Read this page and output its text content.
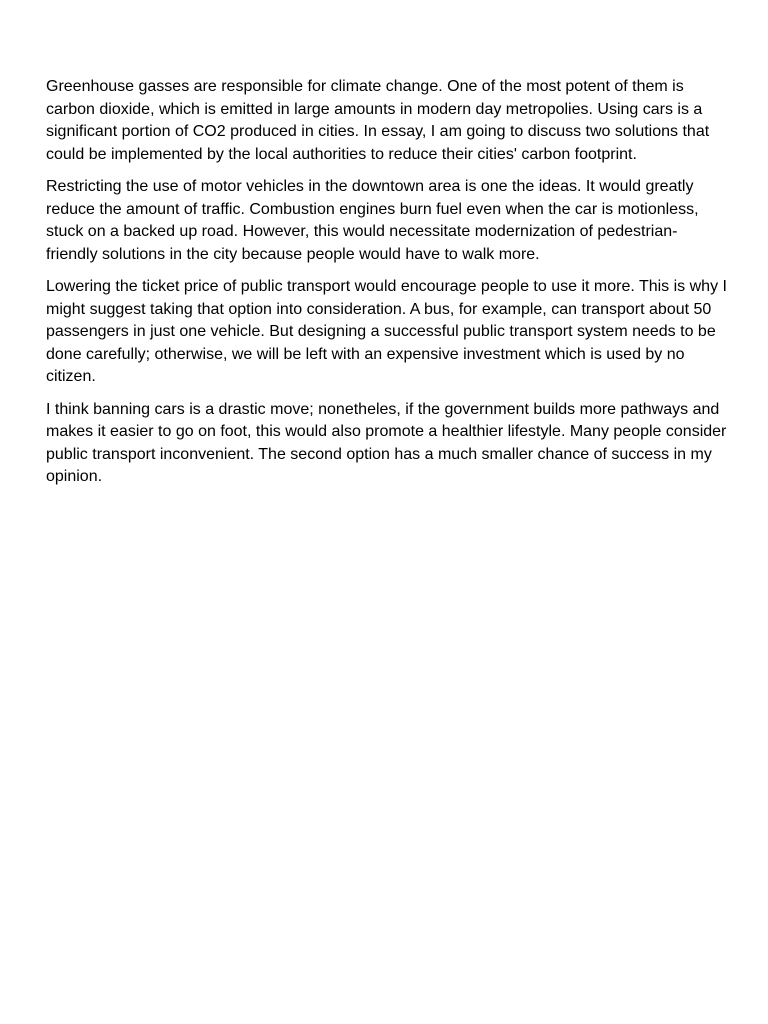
Greenhouse gasses are responsible for climate change. One of the most potent of them is carbon dioxide, which is emitted in large amounts in modern day metropolies. Using cars is a significant portion of CO2 produced in cities. In essay, I am going to discuss two solutions that could be implemented by the local authorities to reduce their cities' carbon footprint.

Restricting the use of motor vehicles in the downtown area is one the ideas. It would greatly reduce the amount of traffic. Combustion engines burn fuel even when the car is motionless, stuck on a backed up road. However, this would necessitate modernization of pedestrian-friendly solutions in the city because people would have to walk more.

Lowering the ticket price of public transport would encourage people to use it more. This is why I might suggest taking that option into consideration. A bus, for example, can transport about 50 passengers in just one vehicle. But designing a successful public transport system needs to be done carefully; otherwise, we will be left with an expensive investment which is used by no citizen.

I think banning cars is a drastic move; nonetheles, if the government builds more pathways and makes it easier to go on foot, this would also promote a healthier lifestyle. Many people consider public transport inconvenient. The second option has a much smaller chance of success in my opinion.
